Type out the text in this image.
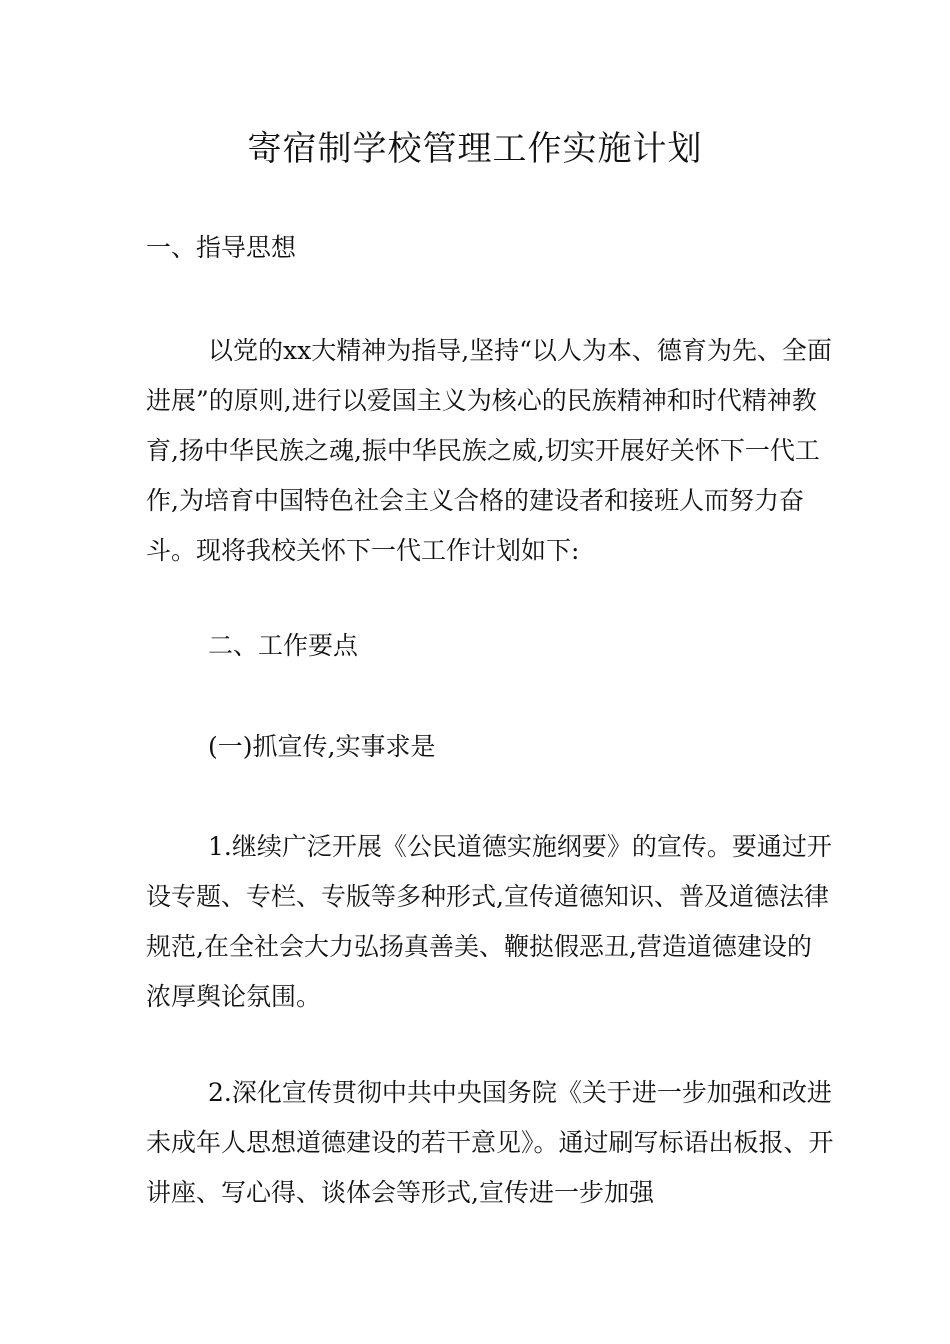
寄宿制学校管理工作实施计划

一、指导思想

以党的xx大精神为指导,坚持“以人为本、德育为先、全面进展”的原则,进行以爱国主义为核心的民族精神和时代精神教育,扬中华民族之魂,振中华民族之威,切实开展好关怀下一代工作,为培育中国特色社会主义合格的建设者和接班人而努力奋斗。现将我校关怀下一代工作计划如下:

二、工作要点

(一)抓宣传,实事求是

1.继续广泛开展《公民道德实施纲要》的宣传。要通过开设专题、专栏、专版等多种形式,宣传道德知识、普及道德法律规范,在全社会大力弘扬真善美、鞭挞假恶丑,营造道德建设的浓厚舆论氛围。

2.深化宣传贯彻中共中央国务院《关于进一步加强和改进未成年人思想道德建设的若干意见》。通过刷写标语出板报、开讲座、写心得、谈体会等形式,宣传进一步加强
